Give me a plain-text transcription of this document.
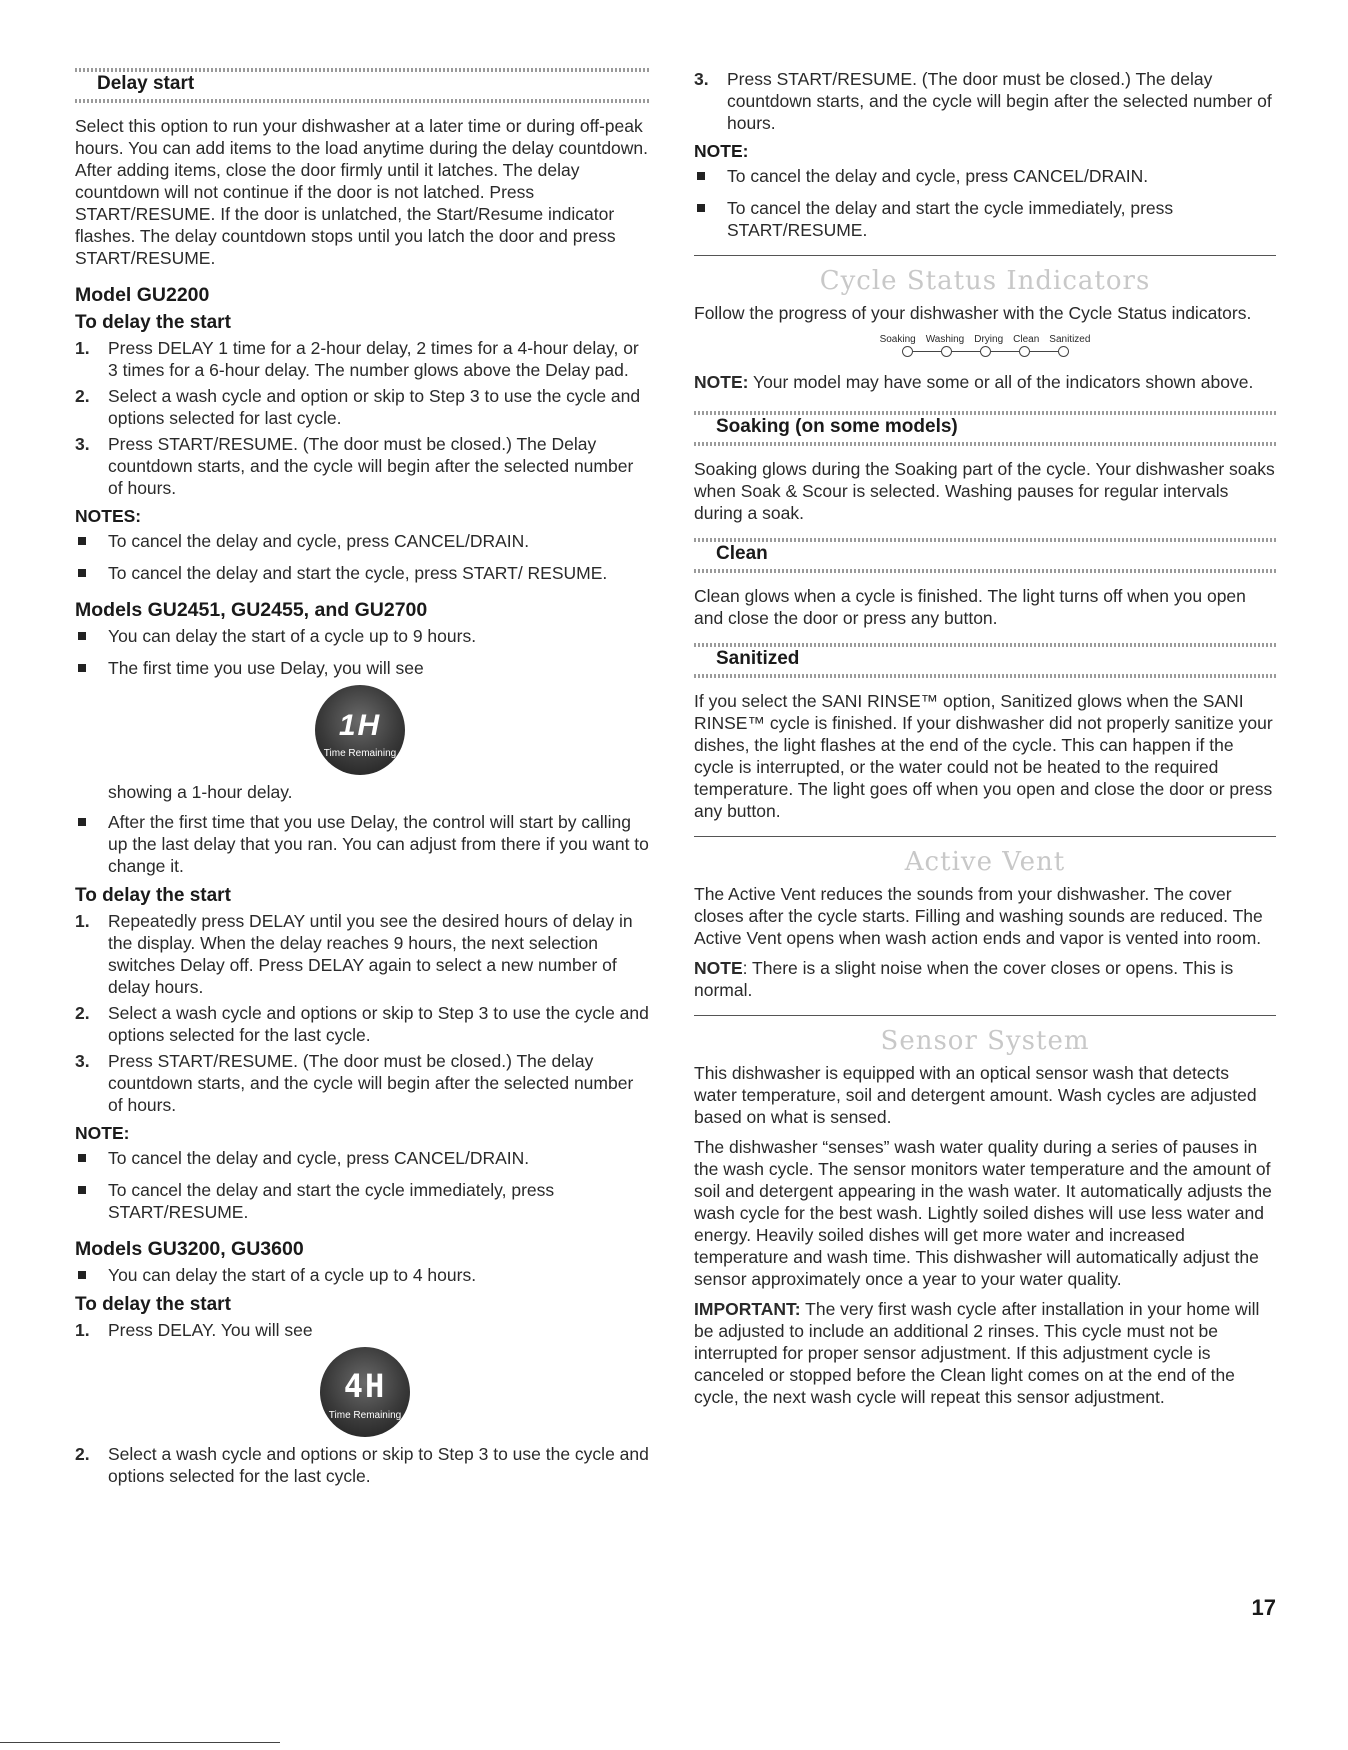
Delay start

Select this option to run your dishwasher at a later time or during off-peak hours. You can add items to the load anytime during the delay countdown. After adding items, close the door firmly until it latches. The delay countdown will not continue if the door is not latched. Press START/RESUME. If the door is unlatched, the Start/Resume indicator flashes. The delay countdown stops until you latch the door and press START/RESUME.

Model GU2200
To delay the start
1. Press DELAY 1 time for a 2-hour delay, 2 times for a 4-hour delay, or 3 times for a 6-hour delay. The number glows above the Delay pad.
2. Select a wash cycle and option or skip to Step 3 to use the cycle and options selected for last cycle.
3. Press START/RESUME. (The door must be closed.) The Delay countdown starts, and the cycle will begin after the selected number of hours.
NOTES:
To cancel the delay and cycle, press CANCEL/DRAIN.
To cancel the delay and start the cycle, press START/ RESUME.
Models GU2451, GU2455, and GU2700
You can delay the start of a cycle up to 9 hours.
The first time you use Delay, you will see
1H
Time Remaining

showing a 1-hour delay.

After the first time that you use Delay, the control will start by calling up the last delay that you ran. You can adjust from there if you want to change it.
To delay the start
1. Repeatedly press DELAY until you see the desired hours of delay in the display. When the delay reaches 9 hours, the next selection switches Delay off. Press DELAY again to select a new number of delay hours.
2. Select a wash cycle and options or skip to Step 3 to use the cycle and options selected for the last cycle.
3. Press START/RESUME. (The door must be closed.) The delay countdown starts, and the cycle will begin after the selected number of hours.
NOTE:
To cancel the delay and cycle, press CANCEL/DRAIN.
To cancel the delay and start the cycle immediately, press START/RESUME.
Models GU3200, GU3600
You can delay the start of a cycle up to 4 hours.
To delay the start
1. Press DELAY. You will see
4H
Time Remaining
2. Select a wash cycle and options or skip to Step 3 to use the cycle and options selected for the last cycle.
3. Press START/RESUME. (The door must be closed.) The delay countdown starts, and the cycle will begin after the selected number of hours.
NOTE:
To cancel the delay and cycle, press CANCEL/DRAIN.
To cancel the delay and start the cycle immediately, press START/RESUME.
Cycle Status Indicators

Follow the progress of your dishwasher with the Cycle Status indicators.

Soaking Washing Drying Clean Sanitized

NOTE: Your model may have some or all of the indicators shown above.

Soaking (on some models)

Soaking glows during the Soaking part of the cycle. Your dishwasher soaks when Soak & Scour is selected. Washing pauses for regular intervals during a soak.

Clean

Clean glows when a cycle is finished. The light turns off when you open and close the door or press any button.

Sanitized

If you select the SANI RINSE™ option, Sanitized glows when the SANI RINSE™ cycle is finished. If your dishwasher did not properly sanitize your dishes, the light flashes at the end of the cycle. This can happen if the cycle is interrupted, or the water could not be heated to the required temperature. The light goes off when you open and close the door or press any button.

Active Vent

The Active Vent reduces the sounds from your dishwasher. The cover closes after the cycle starts. Filling and washing sounds are reduced. The Active Vent opens when wash action ends and vapor is vented into room.

NOTE: There is a slight noise when the cover closes or opens. This is normal.

Sensor System

This dishwasher is equipped with an optical sensor wash that detects water temperature, soil and detergent amount. Wash cycles are adjusted based on what is sensed.

The dishwasher “senses” wash water quality during a series of pauses in the wash cycle. The sensor monitors water temperature and the amount of soil and detergent appearing in the wash water. It automatically adjusts the wash cycle for the best wash. Lightly soiled dishes will use less water and energy. Heavily soiled dishes will get more water and increased temperature and wash time. This dishwasher will automatically adjust the sensor approximately once a year to your water quality.

IMPORTANT: The very first wash cycle after installation in your home will be adjusted to include an additional 2 rinses. This cycle must not be interrupted for proper sensor adjustment. If this adjustment cycle is canceled or stopped before the Clean light comes on at the end of the cycle, the next wash cycle will repeat this sensor adjustment.

17
